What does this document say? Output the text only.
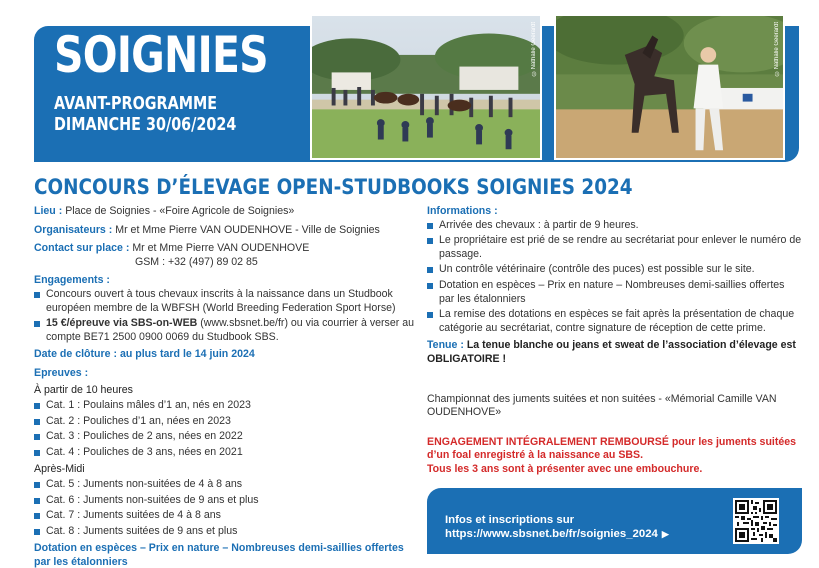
SOIGNIES
AVANT-PROGRAMME
DIMANCHE 30/06/2024
©Nathalie Geerardt	©Nathalie Geerardt
CONCOURS D’ÉLEVAGE OPEN-STUDBOOKS SOIGNIES 2024
Lieu : Place de Soignies - «Foire Agricole de Soignies»
Organisateurs : Mr et Mme Pierre VAN OUDENHOVE - Ville de Soignies
Contact sur place : Mr et Mme Pierre VAN OUDENHOVE
GSM : +32 (497) 89 02 85
Engagements :
Concours ouvert à tous chevaux inscrits à la naissance dans un Studbook européen membre de la WBFSH (World Breeding Federation Sport Horse)
15 €/épreuve via SBS-on-WEB (www.sbsnet.be/fr) ou via courrier à verser au compte BE71 2500 0900 0069 du Studbook SBS.
Date de clôture : au plus tard le 14 juin 2024
Epreuves :
À partir de 10 heures
Cat. 1 : Poulains mâles d’1 an, nés en 2023
Cat. 2 : Pouliches d’1 an, nées en 2023
Cat. 3 : Pouliches de 2 ans, nées en 2022
Cat. 4 : Pouliches de 3 ans, nées en 2021
Après-Midi
Cat. 5 : Juments non-suitées de 4 à 8 ans
Cat. 6 : Juments non-suitées de 9 ans et plus
Cat. 7 : Juments suitées de 4 à 8 ans
Cat. 8 : Juments suitées de 9 ans et plus
Dotation en espèces – Prix en nature – Nombreuses demi-saillies offertes par les étalonniers
Informations :
Arrivée des chevaux : à partir de 9 heures.
Le propriétaire est prié de se rendre au secrétariat pour enlever le numéro de passage.
Un contrôle vétérinaire (contrôle des puces) est possible sur le site.
Dotation en espèces – Prix en nature – Nombreuses demi-saillies offertes par les étalonniers
La remise des dotations en espèces se fait après la présentation de chaque catégorie au secrétariat, contre signature de réception de cette prime.
Tenue : La tenue blanche ou jeans et sweat de l’association d’élevage est OBLIGATOIRE !
Championnat des juments suitées et non suitées - «Mémorial Camille VAN OUDENHOVE»
ENGAGEMENT INTÉGRALEMENT REMBOURSÉ pour les juments suitées d’un foal enregistré à la naissance au SBS.
Tous les 3 ans sont à présenter avec une embouchure.
Infos et inscriptions sur
https://www.sbsnet.be/fr/soignies_2024 ▶
